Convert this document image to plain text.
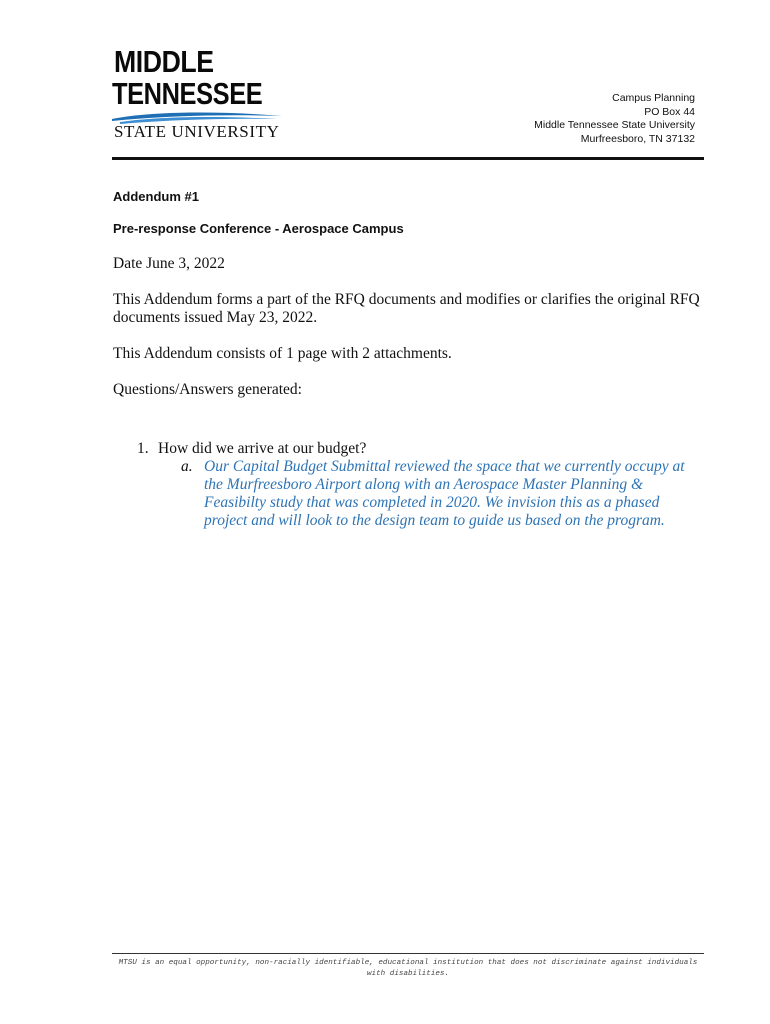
MIDDLE
TENNESSEE
STATE UNIVERSITY
Campus Planning
PO Box 44
Middle Tennessee State University
Murfreesboro, TN 37132
Addendum #1
Pre-response Conference - Aerospace Campus
Date June 3, 2022
This Addendum forms a part of the RFQ documents and modifies or clarifies the original RFQ documents issued May 23, 2022.
This Addendum consists of 1 page with 2 attachments.
Questions/Answers generated:
1. How did we arrive at our budget?
a. Our Capital Budget Submittal reviewed the space that we currently occupy at the Murfreesboro Airport along with an Aerospace Master Planning & Feasibilty study that was completed in 2020. We invision this as a phased project and will look to the design team to guide us based on the program.
MTSU is an equal opportunity, non-racially identifiable, educational institution that does not discriminate against individuals with disabilities.
